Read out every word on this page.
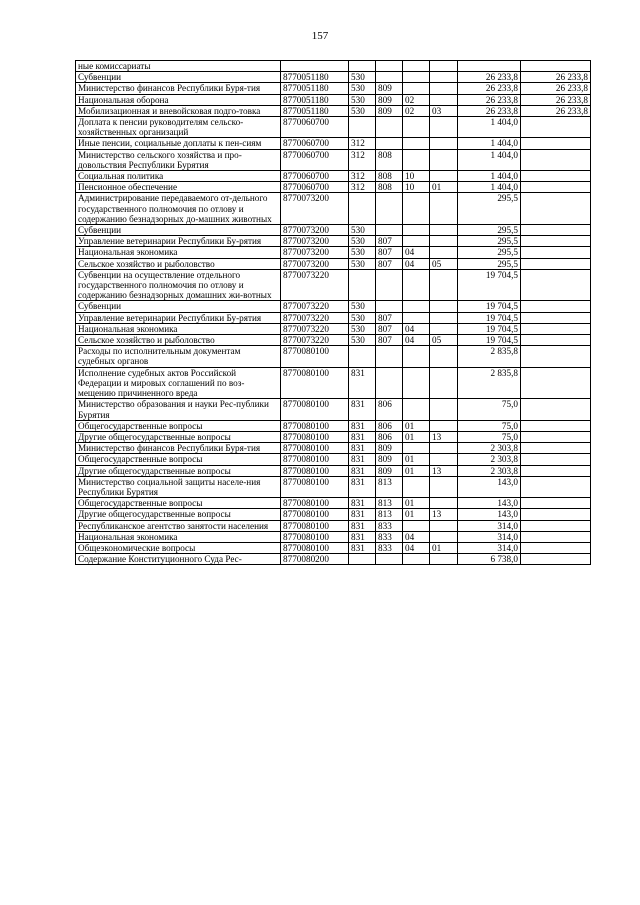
157
ные комиссариаты							
Субвенции	8770051180	530				26 233,8	26 233,8
Министерство финансов Республики Буря-тия	8770051180	530	809			26 233,8	26 233,8
Национальная оборона	8770051180	530	809	02		26 233,8	26 233,8
Мобилизационная и вневойсковая подго-товка	8770051180	530	809	02	03	26 233,8	26 233,8
Доплата к пенсии руководителям сельско-хозяйственных организаций	8770060700					1 404,0	
Иные пенсии, социальные доплаты к пен-сиям	8770060700	312				1 404,0	
Министерство сельского хозяйства и про-довольствия Республики Бурятия	8770060700	312	808			1 404,0	
Социальная политика	8770060700	312	808	10		1 404,0	
Пенсионное обеспечение	8770060700	312	808	10	01	1 404,0	
Администрирование передаваемого от-дельного государственного полномочия по отлову и содержанию безнадзорных до-машних животных	8770073200					295,5	
Субвенции	8770073200	530				295,5	
Управление ветеринарии Республики Бу-рятия	8770073200	530	807			295,5	
Национальная экономика	8770073200	530	807	04		295,5	
Сельское хозяйство и рыболовство	8770073200	530	807	04	05	295,5	
Субвенции на осуществление отдельного государственного полномочия по отлову и содержанию безнадзорных домашних жи-вотных	8770073220					19 704,5	
Субвенции	8770073220	530				19 704,5	
Управление ветеринарии Республики Бу-рятия	8770073220	530	807			19 704,5	
Национальная экономика	8770073220	530	807	04		19 704,5	
Сельское хозяйство и рыболовство	8770073220	530	807	04	05	19 704,5	
Расходы по исполнительным документам судебных органов	8770080100					2 835,8	
Исполнение судебных актов Российской Федерации и мировых соглашений по воз-мещению причиненного вреда	8770080100	831				2 835,8	
Министерство образования и науки Рес-публики Бурятия	8770080100	831	806			75,0	
Общегосударственные вопросы	8770080100	831	806	01		75,0	
Другие общегосударственные вопросы	8770080100	831	806	01	13	75,0	
Министерство финансов Республики Буря-тия	8770080100	831	809			2 303,8	
Общегосударственные вопросы	8770080100	831	809	01		2 303,8	
Другие общегосударственные вопросы	8770080100	831	809	01	13	2 303,8	
Министерство социальной защиты населе-ния Республики Бурятия	8770080100	831	813			143,0	
Общегосударственные вопросы	8770080100	831	813	01		143,0	
Другие общегосударственные вопросы	8770080100	831	813	01	13	143,0	
Республиканское агентство занятости населения	8770080100	831	833			314,0	
Национальная экономика	8770080100	831	833	04		314,0	
Общеэкономические вопросы	8770080100	831	833	04	01	314,0	
Содержание Конституционного Суда Рес-	8770080200					6 738,0	
